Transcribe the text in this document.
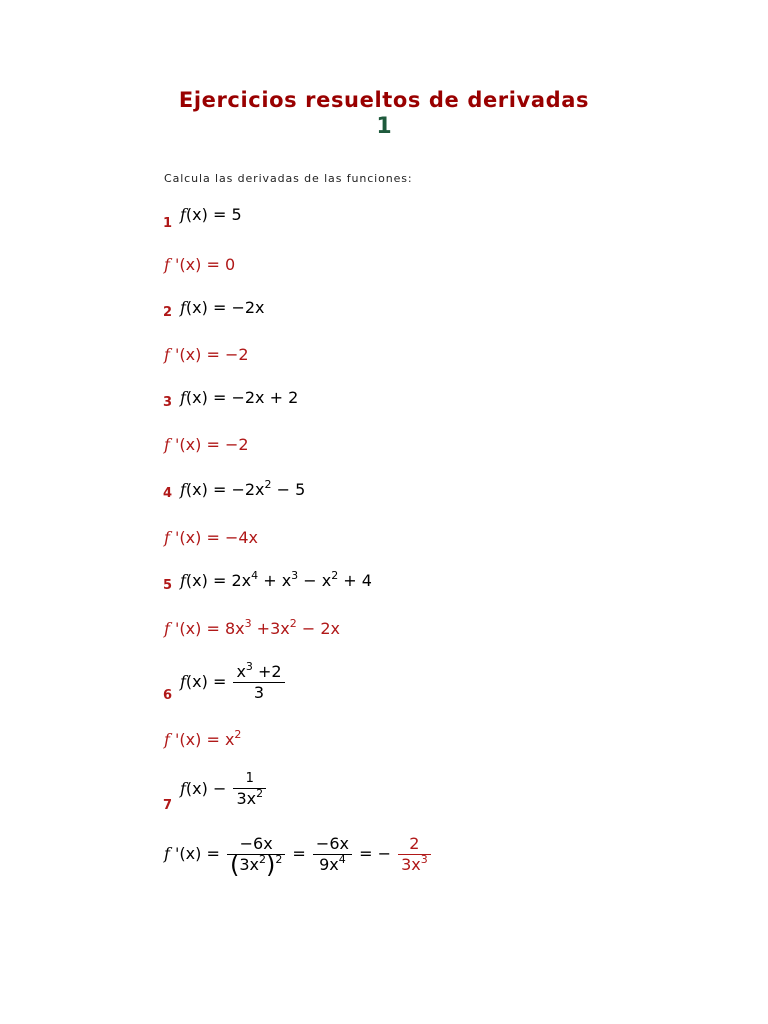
Ejercicios resueltos de derivadas
1
Calcula las derivadas de las funciones:
1 f(x) = 5
f '(x) = 0
2 f(x) = −2x
f '(x) = −2
3 f(x) = −2x + 2
f '(x) = −2
4 $f(x) = -2x^2 - 5$
f '(x) = −4x
5 $f(x) = 2x^4 + x^3 - x^2 + 4$
f '$(x) = 8x^3 +3x^2 - 2x$
6
$f(x) = \frac{x^3 +2}{3}$
f '$(x) = x^2$
7
$f(x) - \frac{1}{3x^2}$
f '$(x) = \frac{-6x}{(3x^2)^2} = \frac{-6x}{9x^4}$ = − $\frac{2}{3x^3}$
